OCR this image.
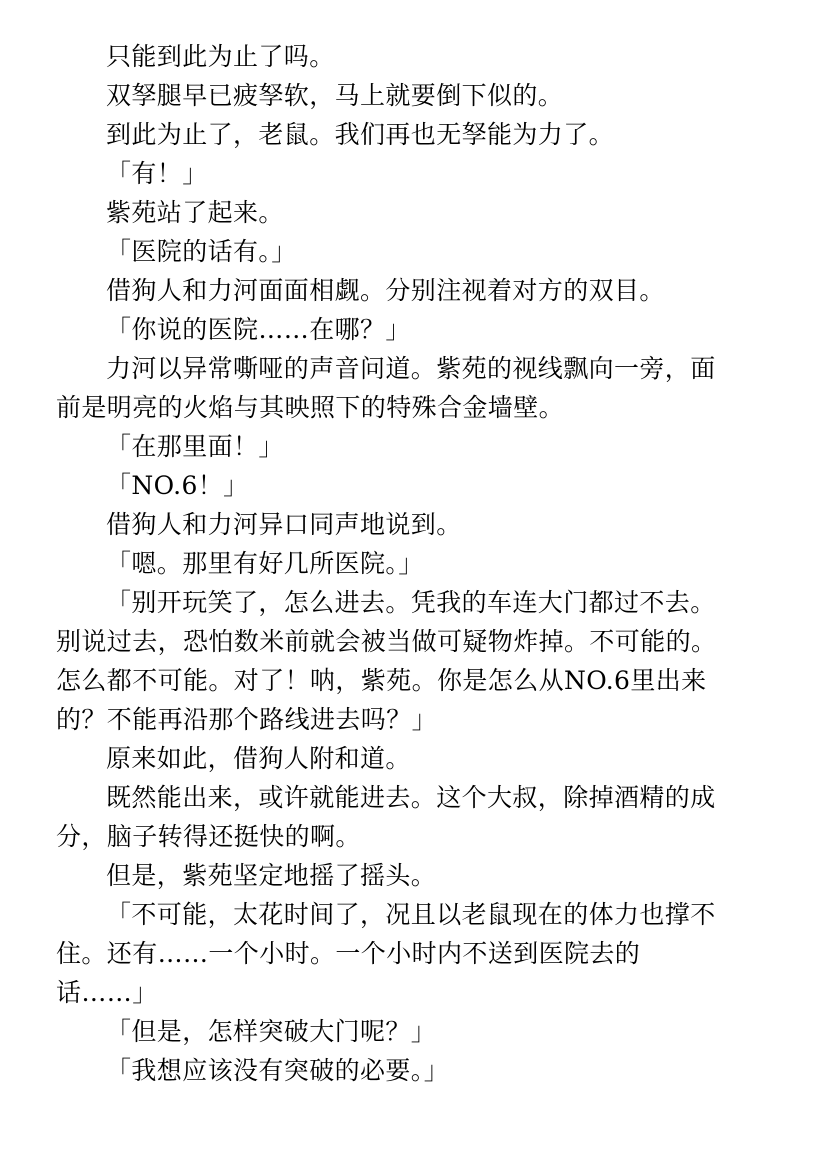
只能到此为止了吗。

双孥腿早已疲孥软，马上就要倒下似的。

到此为止了，老鼠。我们再也无孥能为力了。

「有！」

紫苑站了起来。

「医院的话有。」

借狗人和力河面面相觑。分别注视着对方的双目。

「你说的医院……在哪？」

力河以异常嘶哑的声音问道。紫苑的视线飘向一旁，面
前是明亮的火焰与其映照下的特殊合金墙壁。

「在那里面！」

「NO.6！」

借狗人和力河异口同声地说到。

「嗯。那里有好几所医院。」

「别开玩笑了，怎么进去。凭我的车连大门都过不去。
别说过去，恐怕数米前就会被当做可疑物炸掉。不可能的。
怎么都不可能。对了！呐，紫苑。你是怎么从NO.6里出来
的？不能再沿那个路线进去吗？」

原来如此，借狗人附和道。

既然能出来，或许就能进去。这个大叔，除掉酒精的成
分，脑子转得还挺快的啊。

但是，紫苑坚定地摇了摇头。

「不可能，太花时间了，况且以老鼠现在的体力也撑不
住。还有……一个小时。一个小时内不送到医院去的
话……」

「但是，怎样突破大门呢？」

「我想应该没有突破的必要。」
